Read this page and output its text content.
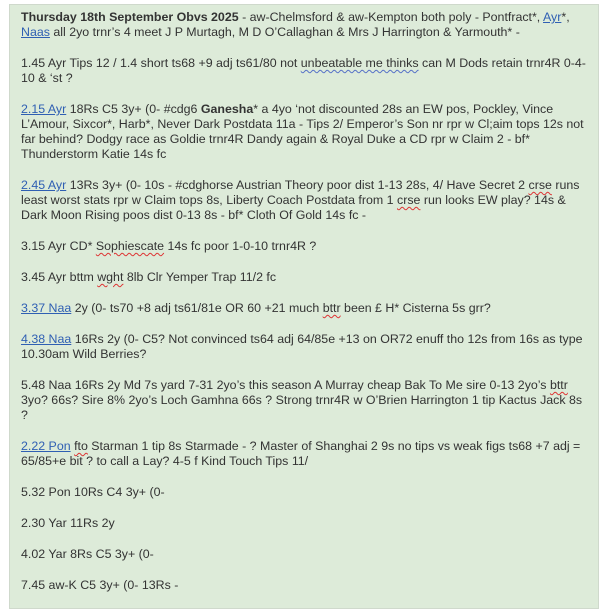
Thursday 18th September Obvs 2025 - aw-Chelmsford & aw-Kempton both poly - Pontfract*, Ayr*, Naas all 2yo trnr’s 4 meet J P Murtagh, M D O’Callaghan & Mrs J Harrington & Yarmouth* -

1.45 Ayr Tips 12 / 1.4 short ts68 +9 adj ts61/80 not unbeatable me thinks can M Dods retain trnr4R 0-4-10 & ‘st ?

2.15 Ayr 18Rs C5 3y+ (0- #cdg6 Ganesha* a 4yo ‘not discounted 28s an EW pos, Pockley, Vince L’Amour, Sixcor*, Harb*, Never Dark Postdata 11a - Tips 2/ Emperor’s Son nr rpr w Cl;aim tops 12s not far behind? Dodgy race as Goldie trnr4R Dandy again & Royal Duke a CD rpr w Claim 2 - bf* Thunderstorm Katie 14s fc

2.45 Ayr 13Rs 3y+ (0- 10s - #cdghorse Austrian Theory poor dist 1-13 28s, 4/ Have Secret 2 crse runs least worst stats rpr w Claim tops 8s, Liberty Coach Postdata from 1 crse run looks EW play? 14s & Dark Moon Rising poos dist 0-13 8s - bf* Cloth Of Gold 14s fc -

3.15 Ayr CD* Sophiescate 14s fc poor 1-0-10 trnr4R ?

3.45 Ayr bttm wght 8lb Clr Yemper Trap 11/2 fc

3.37 Naa 2y (0- ts70 +8 adj ts61/81e OR 60 +21 much bttr been £ H* Cisterna 5s grr?

4.38 Naa 16Rs 2y (0- C5? Not convinced ts64 adj 64/85e +13 on OR72 enuff tho 12s from 16s as type 10.30am Wild Berries?

5.48 Naa 16Rs 2y Md 7s yard 7-31 2yo’s this season A Murray cheap Bak To Me sire 0-13 2yo’s bttr 3yo? 66s? Sire 8% 2yo’s Loch Gamhna 66s ? Strong trnr4R w O’Brien Harrington 1 tip Kactus Jack 8s ?

2.22 Pon fto Starman 1 tip 8s Starmade - ? Master of Shanghai 2 9s no tips vs weak figs ts68 +7 adj = 65/85+e bit ? to call a Lay? 4-5 f Kind Touch Tips 11/

5.32 Pon 10Rs C4 3y+ (0-

2.30 Yar 11Rs 2y

4.02 Yar 8Rs C5 3y+ (0-

7.45 aw-K C5 3y+ (0- 13Rs -
